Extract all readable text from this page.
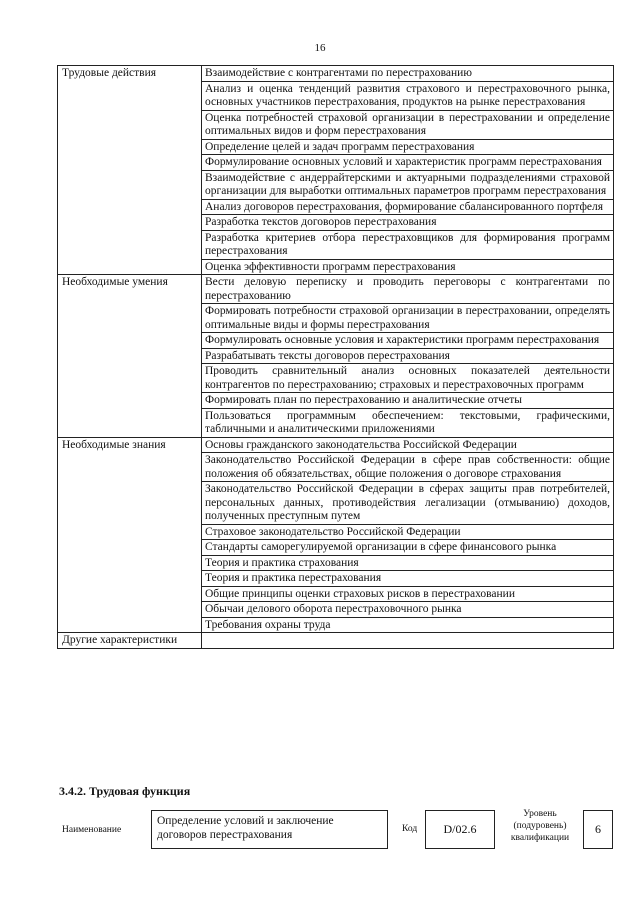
16
Трудовые действия	Взаимодействие с контрагентами по перестрахованию
	Анализ и оценка тенденций развития страхового и перестраховочного рынка, основных участников перестрахования, продуктов на рынке перестрахования
	Оценка потребностей страховой организации в перестраховании и определение оптимальных видов и форм перестрахования
	Определение целей и задач программ перестрахования
	Формулирование основных условий и характеристик программ перестрахования
	Взаимодействие с андеррайтерскими и актуарными подразделениями страховой организации для выработки оптимальных параметров программ перестрахования
	Анализ договоров перестрахования, формирование сбалансированного портфеля
	Разработка текстов договоров перестрахования
	Разработка критериев отбора перестраховщиков для формирования программ перестрахования
	Оценка эффективности программ перестрахования
Необходимые умения	Вести деловую переписку и проводить переговоры с контрагентами по перестрахованию
	Формировать потребности страховой организации в перестраховании, определять оптимальные виды и формы перестрахования
	Формулировать основные условия и характеристики программ перестрахования
	Разрабатывать тексты договоров перестрахования
	Проводить сравнительный анализ основных показателей деятельности контрагентов по перестрахованию; страховых и перестраховочных программ
	Формировать план по перестрахованию и аналитические отчеты
	Пользоваться программным обеспечением: текстовыми, графическими, табличными и аналитическими приложениями
Необходимые знания	Основы гражданского законодательства Российской Федерации
	Законодательство Российской Федерации в сфере прав собственности: общие положения об обязательствах, общие положения о договоре страхования
	Законодательство Российской Федерации в сферах защиты прав потребителей, персональных данных, противодействия легализации (отмыванию) доходов, полученных преступным путем
	Страховое законодательство Российской Федерации
	Стандарты саморегулируемой организации в сфере финансового рынка
	Теория и практика страхования
	Теория и практика перестрахования
	Общие принципы оценки страховых рисков в перестраховании
	Обычаи делового оборота перестраховочного рынка
	Требования охраны труда
Другие характеристики	
3.4.2. Трудовая функция
Наименование
Определение условий и заключение договоров перестрахования	Код	D/02.6
Уровень (подуровень) квалификации
6
